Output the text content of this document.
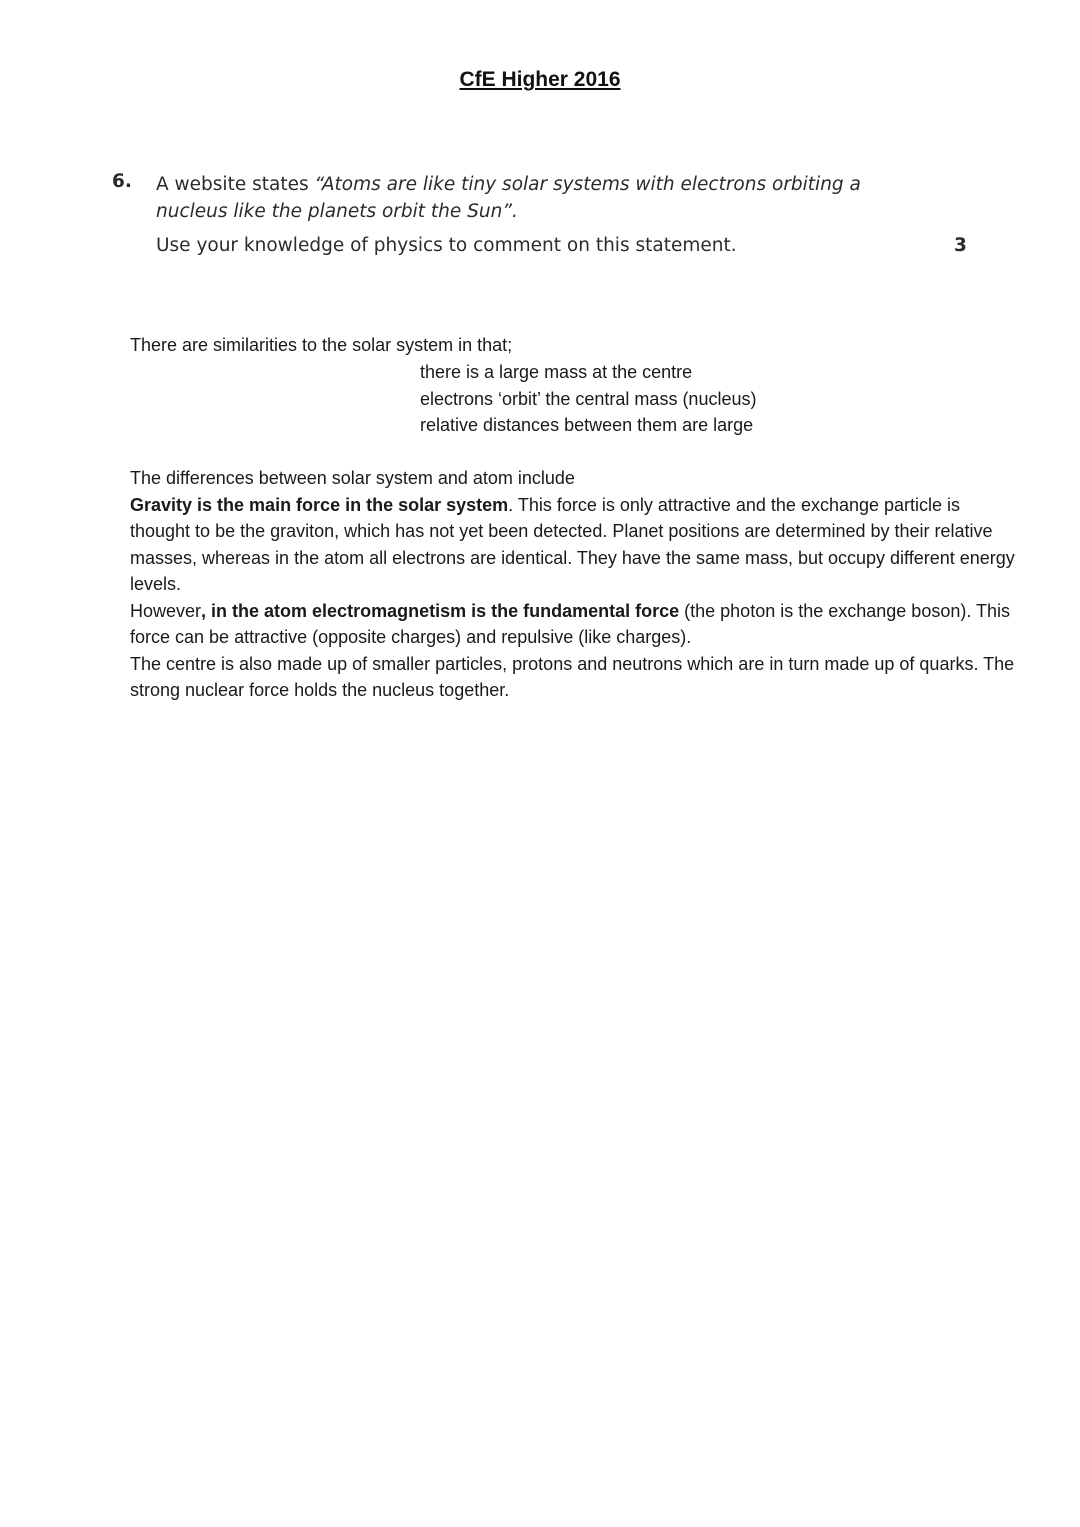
CfE Higher 2016
6. A website states “Atoms are like tiny solar systems with electrons orbiting a nucleus like the planets orbit the Sun”.
Use your knowledge of physics to comment on this statement.	3
There are similarities to the solar system in that;
there is a large mass at the centre
electrons ‘orbit’ the central mass (nucleus)
relative distances between them are large

The differences between solar system and atom include

Gravity is the main force in the solar system. This force is only attractive and the exchange particle is thought to be the graviton, which has not yet been detected. Planet positions are determined by their relative masses, whereas in the atom all electrons are identical. They have the same mass, but occupy different energy levels.

However, in the atom electromagnetism is the fundamental force (the photon is the exchange boson). This force can be attractive (opposite charges) and repulsive (like charges).

The centre is also made up of smaller particles, protons and neutrons which are in turn made up of quarks. The strong nuclear force holds the nucleus together.
